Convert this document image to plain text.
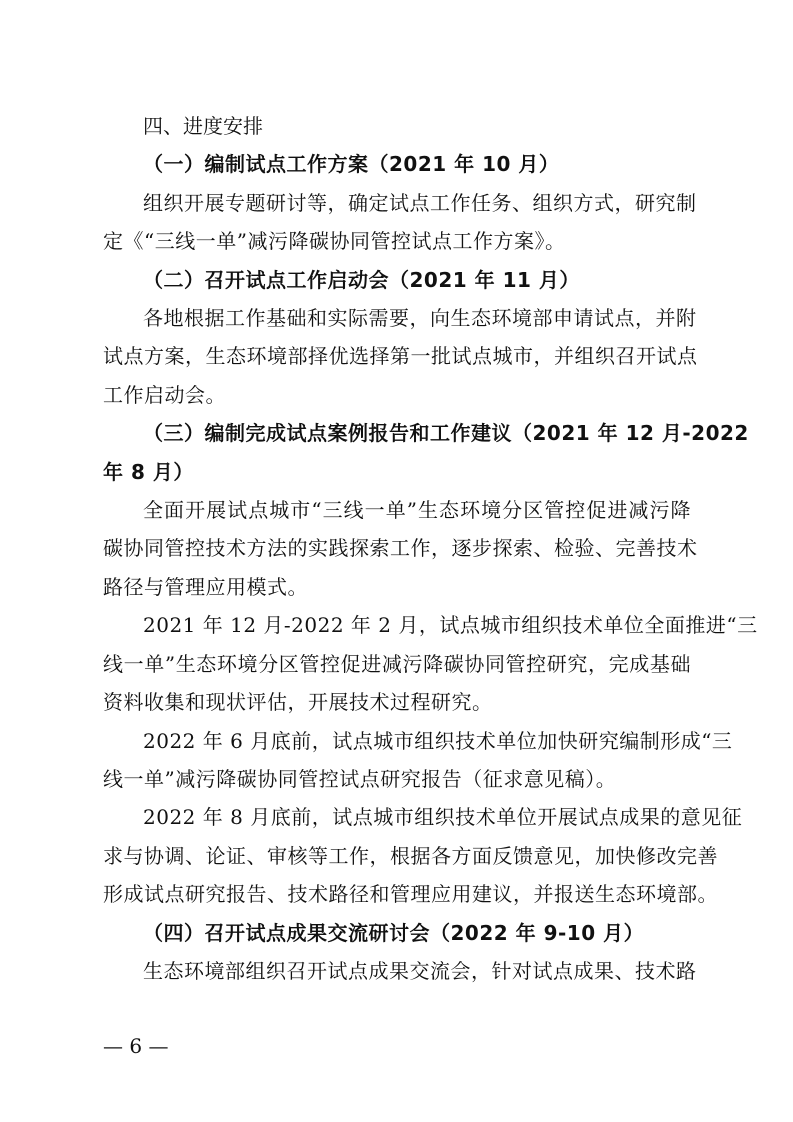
四、进度安排
（一）编制试点工作方案（2021 年 10 月）
组织开展专题研讨等，确定试点工作任务、组织方式，研究制
定《“三线一单”减污降碳协同管控试点工作方案》。
（二）召开试点工作启动会（2021 年 11 月）
各地根据工作基础和实际需要，向生态环境部申请试点，并附
试点方案，生态环境部择优选择第一批试点城市，并组织召开试点
工作启动会。
（三）编制完成试点案例报告和工作建议（2021 年 12 月-2022
年 8 月）
全面开展试点城市“三线一单”生态环境分区管控促进减污降
碳协同管控技术方法的实践探索工作，逐步探索、检验、完善技术
路径与管理应用模式。
2021 年 12 月-2022 年 2 月，试点城市组织技术单位全面推进“三
线一单”生态环境分区管控促进减污降碳协同管控研究，完成基础
资料收集和现状评估，开展技术过程研究。
2022 年 6 月底前，试点城市组织技术单位加快研究编制形成“三
线一单”减污降碳协同管控试点研究报告（征求意见稿）。
2022 年 8 月底前，试点城市组织技术单位开展试点成果的意见征
求与协调、论证、审核等工作，根据各方面反馈意见，加快修改完善
形成试点研究报告、技术路径和管理应用建议，并报送生态环境部。
（四）召开试点成果交流研讨会（2022 年 9-10 月）
生态环境部组织召开试点成果交流会，针对试点成果、技术路
— 6 —
